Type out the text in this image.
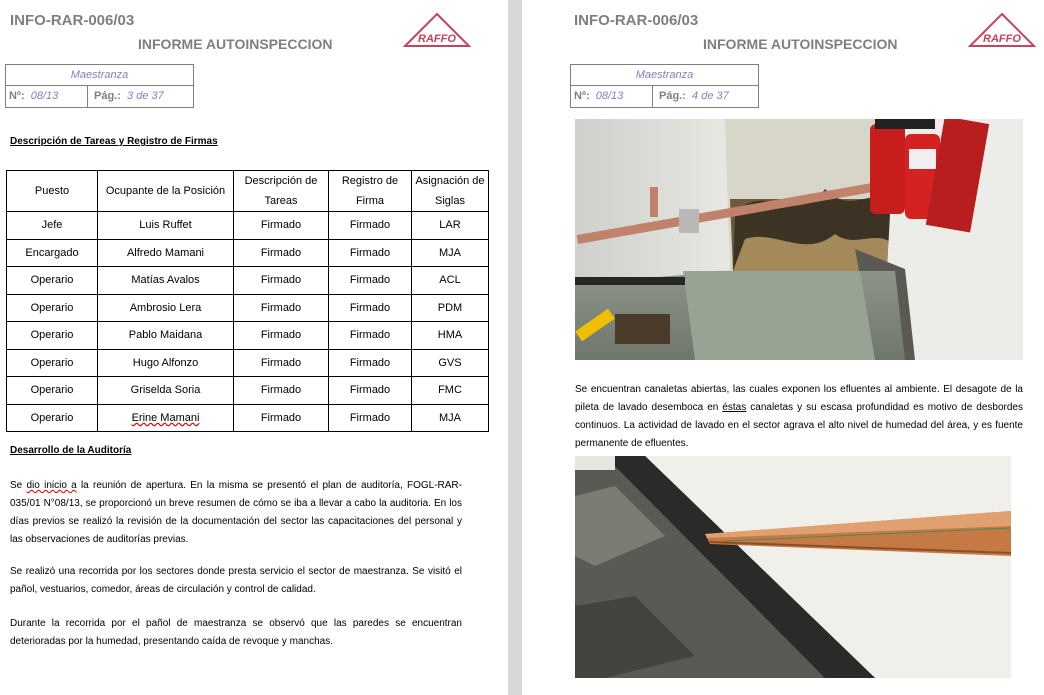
INFO-RAR-006/03
INFORME AUTOINSPECCION	RAFFO
Maestranza
Nº: 08/13	Pág.: 3 de 37
Descripción de Tareas y Registro de Firmas
Puesto	Ocupante de la Posición	Descripción de Tareas	Registro de Firma	Asignación de Siglas
Jefe	Luis Ruffet	Firmado	Firmado	LAR
Encargado	Alfredo Mamani	Firmado	Firmado	MJA
Operario	Matías Avalos	Firmado	Firmado	ACL
Operario	Ambrosio Lera	Firmado	Firmado	PDM
Operario	Pablo Maidana	Firmado	Firmado	HMA
Operario	Hugo Alfonzo	Firmado	Firmado	GVS
Operario	Griselda Soria	Firmado	Firmado	FMC
Operario	Erine Mamani	Firmado	Firmado	MJA
Desarrollo de la Auditoría
Se dio inicio a la reunión de apertura. En la misma se presentó el plan de auditoría, FOGL-RAR-035/01 N°08/13, se proporcionó un breve resumen de cómo se iba a llevar a cabo la auditoria. En los días previos se realizó la revisión de la documentación del sector las capacitaciones del personal y las observaciones de auditorías previas.
Se realizó una recorrida por los sectores donde presta servicio el sector de maestranza. Se visitó el pañol, vestuarios, comedor, áreas de circulación y control de calidad.
Durante la recorrida por el pañol de maestranza se observó que las paredes se encuentran deterioradas por la humedad, presentando caída de revoque y manchas.
INFO-RAR-006/03
INFORME AUTOINSPECCION	RAFFO
Maestranza
Nº: 08/13	Pág.: 4 de 37
Se encuentran canaletas abiertas, las cuales exponen los efluentes al ambiente. El desagote de la pileta de lavado desemboca en éstas canaletas y su escasa profundidad es motivo de desbordes continuos. La actividad de lavado en el sector agrava el alto nivel de humedad del área, y es fuente permanente de efluentes.
